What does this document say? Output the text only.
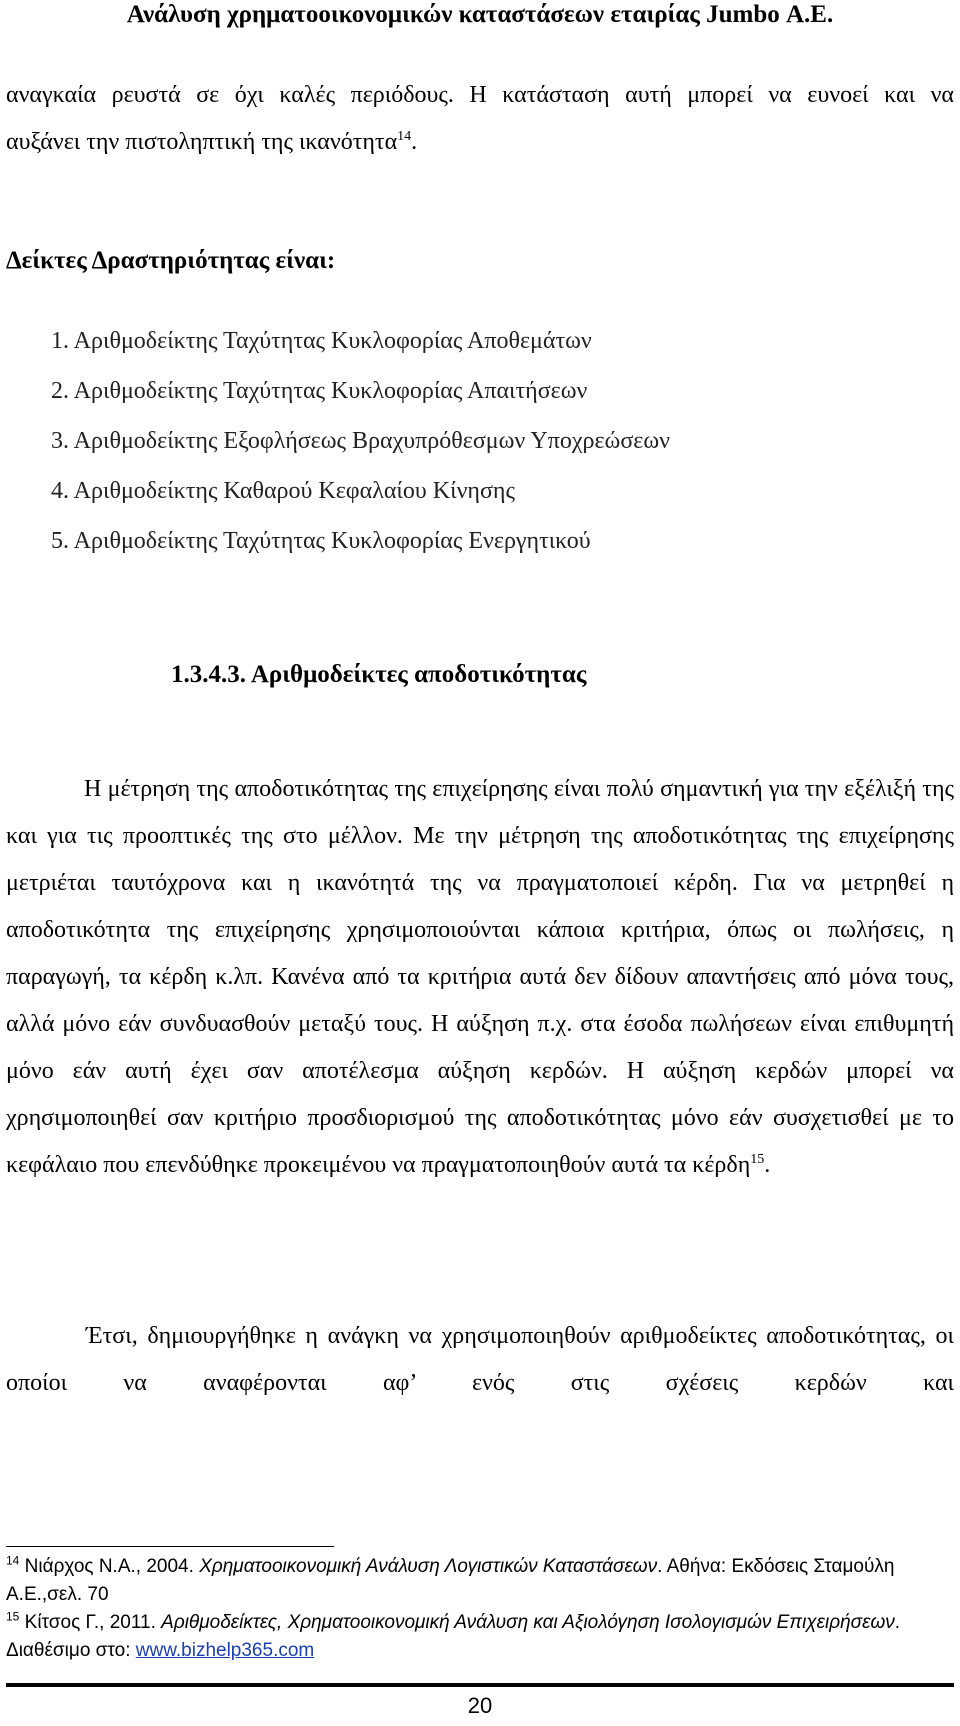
Ανάλυση χρηματοοικονομικών καταστάσεων εταιρίας Jumbo Α.Ε.
αναγκαία ρευστά σε όχι καλές περιόδους. Η κατάσταση αυτή μπορεί να ευνοεί και να
αυξάνει την πιστοληπτική της ικανότητα$^{14}$.
Δείκτες Δραστηριότητας είναι:
1. Αριθμοδείκτης Ταχύτητας Κυκλοφορίας Αποθεμάτων
2. Αριθμοδείκτης Ταχύτητας Κυκλοφορίας Απαιτήσεων
3. Αριθμοδείκτης Εξοφλήσεως Βραχυπρόθεσμων Υποχρεώσεων
4. Αριθμοδείκτης Καθαρού Κεφαλαίου Κίνησης
5. Αριθμοδείκτης Ταχύτητας Κυκλοφορίας Ενεργητικού
1.3.4.3. Αριθμοδείκτες αποδοτικότητας
Η μέτρηση της αποδοτικότητας της επιχείρησης είναι πολύ σημαντική για την εξέλιξή της και για τις προοπτικές της στο μέλλον. Με την μέτρηση της αποδοτικότητας της επιχείρησης μετριέται ταυτόχρονα και η ικανότητά της να πραγματοποιεί κέρδη. Για να μετρηθεί η αποδοτικότητα της επιχείρησης χρησιμοποιούνται κάποια κριτήρια, όπως οι πωλήσεις, η παραγωγή, τα κέρδη κ.λπ. Κανένα από τα κριτήρια αυτά δεν δίδουν απαντήσεις από μόνα τους, αλλά μόνο εάν συνδυασθούν μεταξύ τους. Η αύξηση π.χ. στα έσοδα πωλήσεων είναι επιθυμητή μόνο εάν αυτή έχει σαν αποτέλεσμα αύξηση κερδών. Η αύξηση κερδών μπορεί να χρησιμοποιηθεί σαν κριτήριο προσδιορισμού της αποδοτικότητας μόνο εάν συσχετισθεί με το κεφάλαιο που επενδύθηκε προκειμένου να πραγματοποιηθούν αυτά τα κέρδη$^{15}$.
Έτσι, δημιουργήθηκε η ανάγκη να χρησιμοποιηθούν αριθμοδείκτες αποδοτικότητας, οι οποίοι να αναφέρονται αφ’ ενός στις σχέσεις κερδών και

$^{14}$ Νιάρχος Ν.Α., 2004. Χρηματοοικονομική Ανάλυση Λογιστικών Καταστάσεων. Αθήνα: Εκδόσεις Σταμούλη Α.Ε.,σελ. 70

$^{15}$ Κίτσος Γ., 2011. Αριθμοδείκτες, Χρηματοοικονομική Ανάλυση και Αξιολόγηση Ισολογισμών Επιχειρήσεων. Διαθέσιμο στο: www.bizhelp365.com

20
